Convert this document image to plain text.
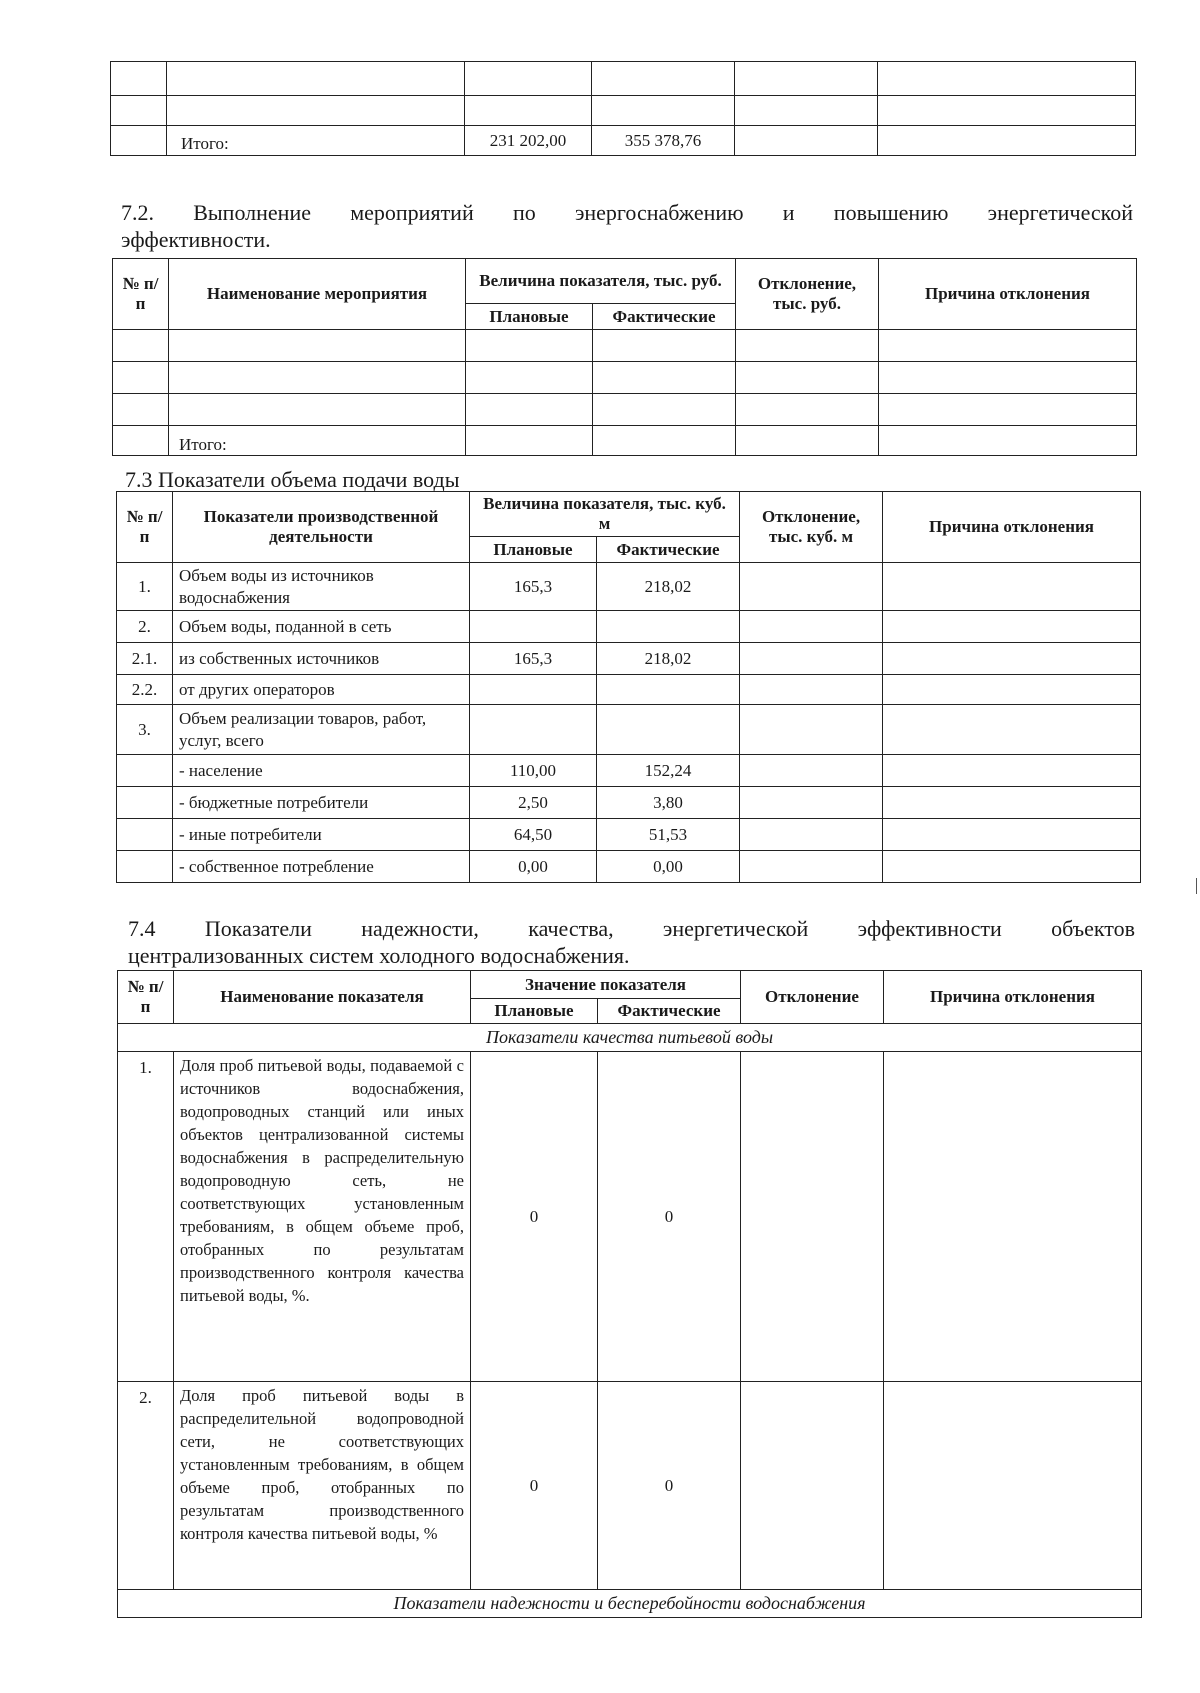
	Итого:	231 202,00	355 378,76			
7.2. Выполнение мероприятий по энергоснабжению и повышению энергетической
эффективности.
№ п/п	Наименование мероприятия	Величина показателя, тыс. руб.		Отклонение, тыс. руб.	Причина отклонения
		Плановые	Фактические		

	Итого:				
7.3 Показатели объема подачи воды
№ п/п	Показатели производственной деятельности	Величина показателя, тыс. куб. м		Отклонение, тыс. куб. м	Причина отклонения
		Плановые	Фактические		
1.	Объем воды из источников водоснабжения	165,3	218,02		
2.	Объем воды, поданной в сеть				
2.1.	из собственных источников	165,3	218,02		
2.2.	от других операторов				
3.	Объем реализации товаров, работ, услуг, всего				
	- население	110,00	152,24		
	- бюджетные потребители	2,50	3,80		
	- иные потребители	64,50	51,53		
	- собственное потребление	0,00	0,00		
7.4 Показатели надежности, качества, энергетической эффективности объектов
централизованных систем холодного водоснабжения.
№ п/п	Наименование показателя	Значение показателя		Отклонение	Причина отклонения
		Плановые	Фактические		
Показатели качества питьевой воды					
1.	Доля проб питьевой воды, подаваемой с источников водоснабжения, водопроводных станций или иных объектов централизованной системы водоснабжения в распределительную водопроводную сеть, не соответствующих установленным требованиям, в общем объеме проб, отобранных по результатам производственного контроля качества питьевой воды, %.	0	0		
2.	Доля проб питьевой воды в распределительной водопроводной сети, не соответствующих установленным требованиям, в общем объеме проб, отобранных по результатам производственного контроля качества питьевой воды, %	0	0		
Показатели надежности и бесперебойности водоснабжения					
